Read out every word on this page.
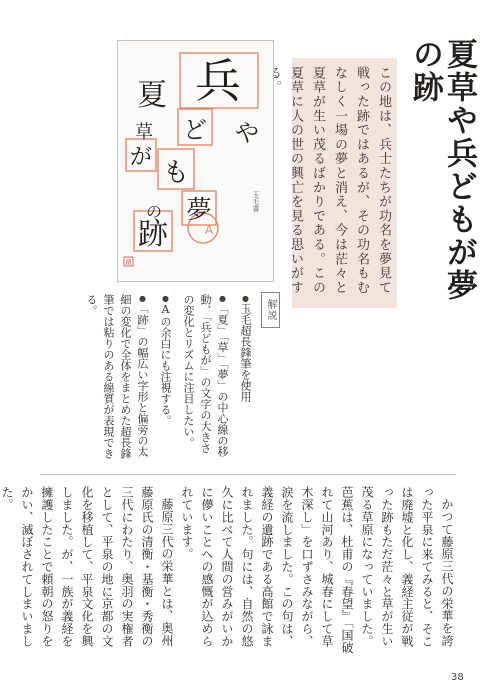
夏草や兵どもが夢の跡
この地は、兵士たちが功名を夢見て戦った跡ではあるが、その功名もむなしく一場の夢と消え、今は茫々と夏草が生い茂るばかりである。この夏草に人の世の興亡を見る思いがす
兵
ど
も
が
夢
の
跡
夏
草	や
A
玉毛書
蹟
解説
● 玉毛超長鋒筆を使用
● 「夏」「草」「夢」の中心線の移動、「兵どもが」の文字の大きさの変化とリズムに注目したい。
● Aの余白にも注視する。
● 「跡」の幅広い字形と偏旁の太細の変化で全体をまとめた超長鋒筆では粘りのある線質が表現できる。

かつて藤原三代の栄華を誇った平泉に来てみると、そこは廃墟と化し、義経主従が戦った跡もただ茫々と草が生い茂る草原になっていました。芭蕉は、杜甫の『春望』「国破れて山河あり、城春にして草木深し」を口ずさみながら、涙を流しました。この句は、義経の遺跡である高館で詠まれました。句には、自然の悠久に比べて人間の営みがいかに儚いことへの感慨が込められています。

藤原三代の栄華とは、奥州藤原氏の清衡・基衡・秀衡の三代にわたり、奥羽の実権者として、平泉の地に京都の文化を移植して、平泉文化を興しました。が、一族が義経を擁護したことで頼朝の怒りをかい、滅ぼされてしまいました。

38
